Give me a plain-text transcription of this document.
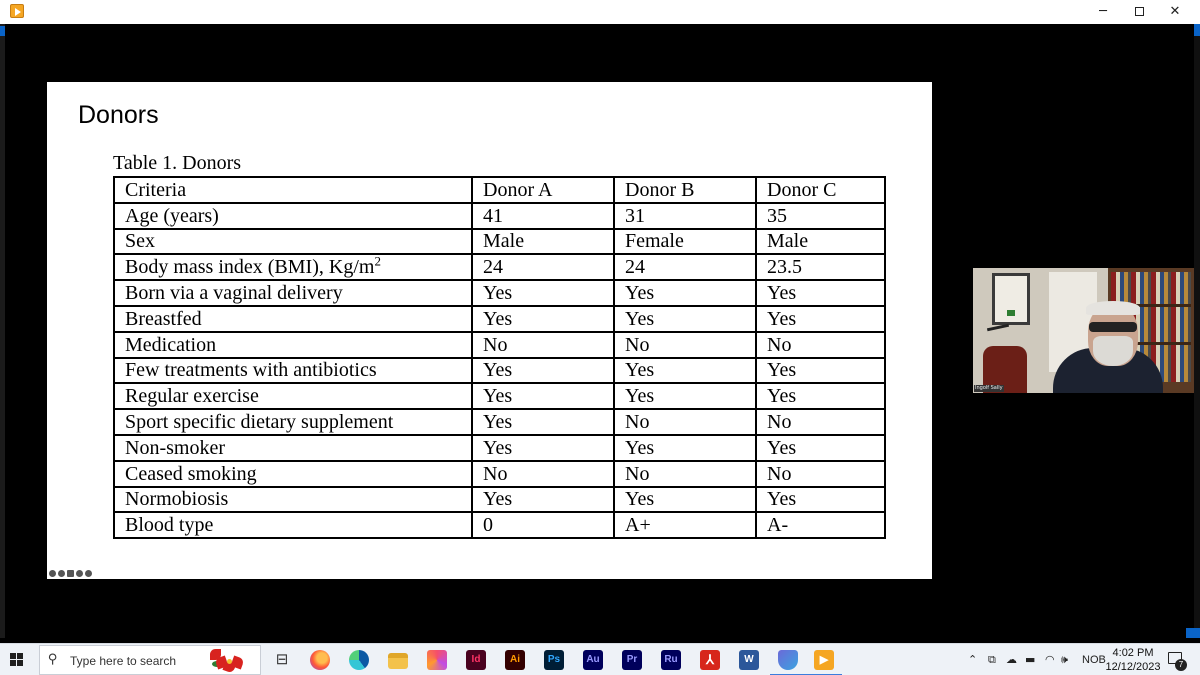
─	✕
Donors
Table 1. Donors
Criteria	Donor A	Donor B	Donor C
Age (years)	41	31	35
Sex	Male	Female	Male
Body mass index (BMI), $Kg/m^2$	24	24	23.5
Born via a vaginal delivery	Yes	Yes	Yes
Breastfed	Yes	Yes	Yes
Medication	No	No	No
Few treatments with antibiotics	Yes	Yes	Yes
Regular exercise	Yes	Yes	Yes
Sport specific dietary supplement	Yes	No	No
Non-smoker	Yes	Yes	Yes
Ceased smoking	No	No	No
Normobiosis	Yes	Yes	Yes
Blood type	0	A+	A-
Ingolf Sally
⚲ Type here to search	⊟	Id	Ai	Ps	Au	Pr	Ru	⅄	W	▶	⌃ ⧉ ☁ ▬ ◠ 🕪 NOB
4:02 PM
12/12/2023	7
